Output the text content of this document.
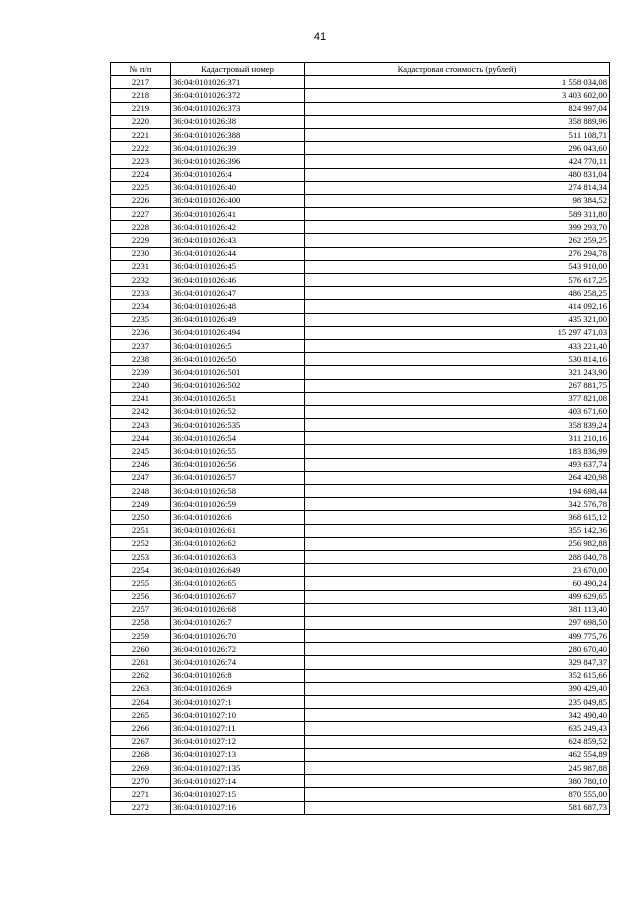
41
№ п/п	Кадастровый номер	Кадастровая стоимость (рублей)
2217	36:04:0101026:371	1 558 034,08
2218	36:04:0101026:372	3 403 602,00
2219	36:04:0101026:373	824 997,04
2220	36:04:0101026:38	358 889,96
2221	36:04:0101026:388	511 108,71
2222	36:04:0101026:39	296 043,60
2223	36:04:0101026:396	424 770,11
2224	36:04:0101026:4	480 831,04
2225	36:04:0101026:40	274 814,34
2226	36:04:0101026:400	98 384,52
2227	36:04:0101026:41	589 311,80
2228	36:04:0101026:42	399 293,70
2229	36:04:0101026:43	262 259,25
2230	36:04:0101026:44	276 294,78
2231	36:04:0101026:45	543 910,00
2232	36:04:0101026:46	576 617,25
2233	36:04:0101026:47	486 258,25
2234	36:04:0101026:48	414 092,16
2235	36:04:0101026:49	435 321,00
2236	36:04:0101026:494	15 297 471,03
2237	36:04:0101026:5	433 221,40
2238	36:04:0101026:50	530 814,16
2239	36:04:0101026:501	321 243,90
2240	36:04:0101026:502	267 881,75
2241	36:04:0101026:51	377 821,08
2242	36:04:0101026:52	403 671,60
2243	36:04:0101026:535	358 839,24
2244	36:04:0101026:54	311 210,16
2245	36:04:0101026:55	183 836,99
2246	36:04:0101026:56	493 637,74
2247	36:04:0101026:57	264 420,98
2248	36:04:0101026:58	194 698,44
2249	36:04:0101026:59	342 576,78
2250	36:04:0101026:6	368 615,12
2251	36:04:0101026:61	355 142,36
2252	36:04:0101026:62	256 982,88
2253	36:04:0101026:63	288 040,78
2254	36:04:0101026:649	23 670,00
2255	36:04:0101026:65	60 490,24
2256	36:04:0101026:67	499 629,65
2257	36:04:0101026:68	381 113,40
2258	36:04:0101026:7	297 698,50
2259	36:04:0101026:70	499 775,76
2260	36:04:0101026:72	280 670,40
2261	36:04:0101026:74	329 847,37
2262	36:04:0101026:8	352 615,66
2263	36:04:0101026:9	390 429,40
2264	36:04:0101027:1	235 049,85
2265	36:04:0101027:10	342 490,40
2266	36:04:0101027:11	635 249,43
2267	36:04:0101027:12	624 859,52
2268	36:04:0101027:13	462 554,89
2269	36:04:0101027:135	245 987,88
2270	36:04:0101027:14	380 780,10
2271	36:04:0101027:15	870 555,00
2272	36:04:0101027:16	581 687,73
